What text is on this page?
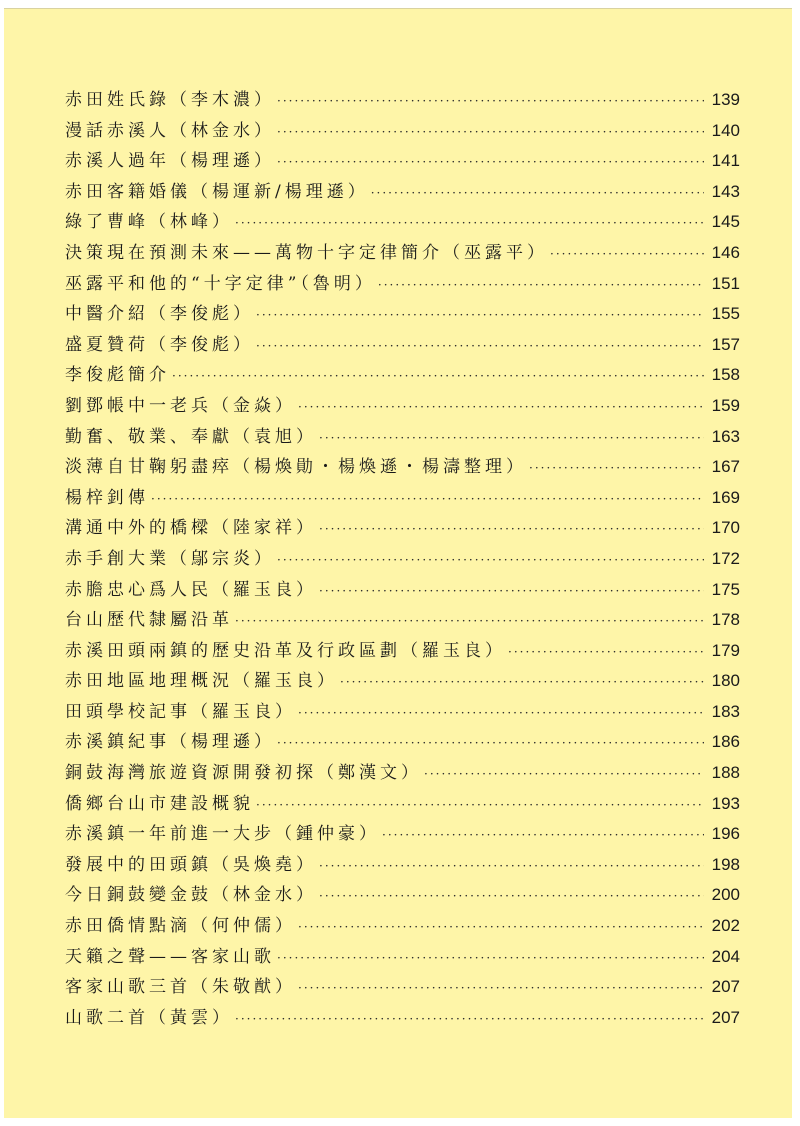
赤田姓氏錄（李木濃） ·····	139
漫話赤溪人（林金水） ·····	140
赤溪人過年（楊理遜） ·····	141
赤田客籍婚儀（楊運新/楊理遜） ·····	143
綠了曹峰（林峰） ·····	145
決策現在預測未來——萬物十字定律簡介（巫露平） ·····	146
巫露平和他的“十字定律”（魯明） ·····	151
中醫介紹（李俊彪） ·····	155
盛夏贊荷（李俊彪） ·····	157
李俊彪簡介 ·····	158
劉鄧帳中一老兵（金焱） ·····	159
勤奮、敬業、奉獻（袁旭） ·····	163
淡薄自甘鞠躬盡瘁（楊煥勛・楊煥遜・楊濤整理） ·····	167
楊梓釗傳 ·····	169
溝通中外的橋樑（陸家祥） ·····	170
赤手創大業（鄔宗炎） ·····	172
赤膽忠心爲人民（羅玉良） ·····	175
台山歷代隸屬沿革 ·····	178
赤溪田頭兩鎮的歷史沿革及行政區劃（羅玉良） ·····	179
赤田地區地理概況（羅玉良） ·····	180
田頭學校記事（羅玉良） ·····	183
赤溪鎮紀事（楊理遜） ·····	186
銅鼓海灣旅遊資源開發初探（鄭漢文） ·····	188
僑鄉台山市建設概貌 ·····	193
赤溪鎮一年前進一大步（鍾仲豪） ·····	196
發展中的田頭鎮（吳煥堯） ·····	198
今日銅鼓變金鼓（林金水） ·····	200
赤田僑情點滴（何仲儒） ·····	202
天籟之聲——客家山歌 ·····	204
客家山歌三首（朱敬猷） ·····	207
山歌二首（黃雲） ·····	207
